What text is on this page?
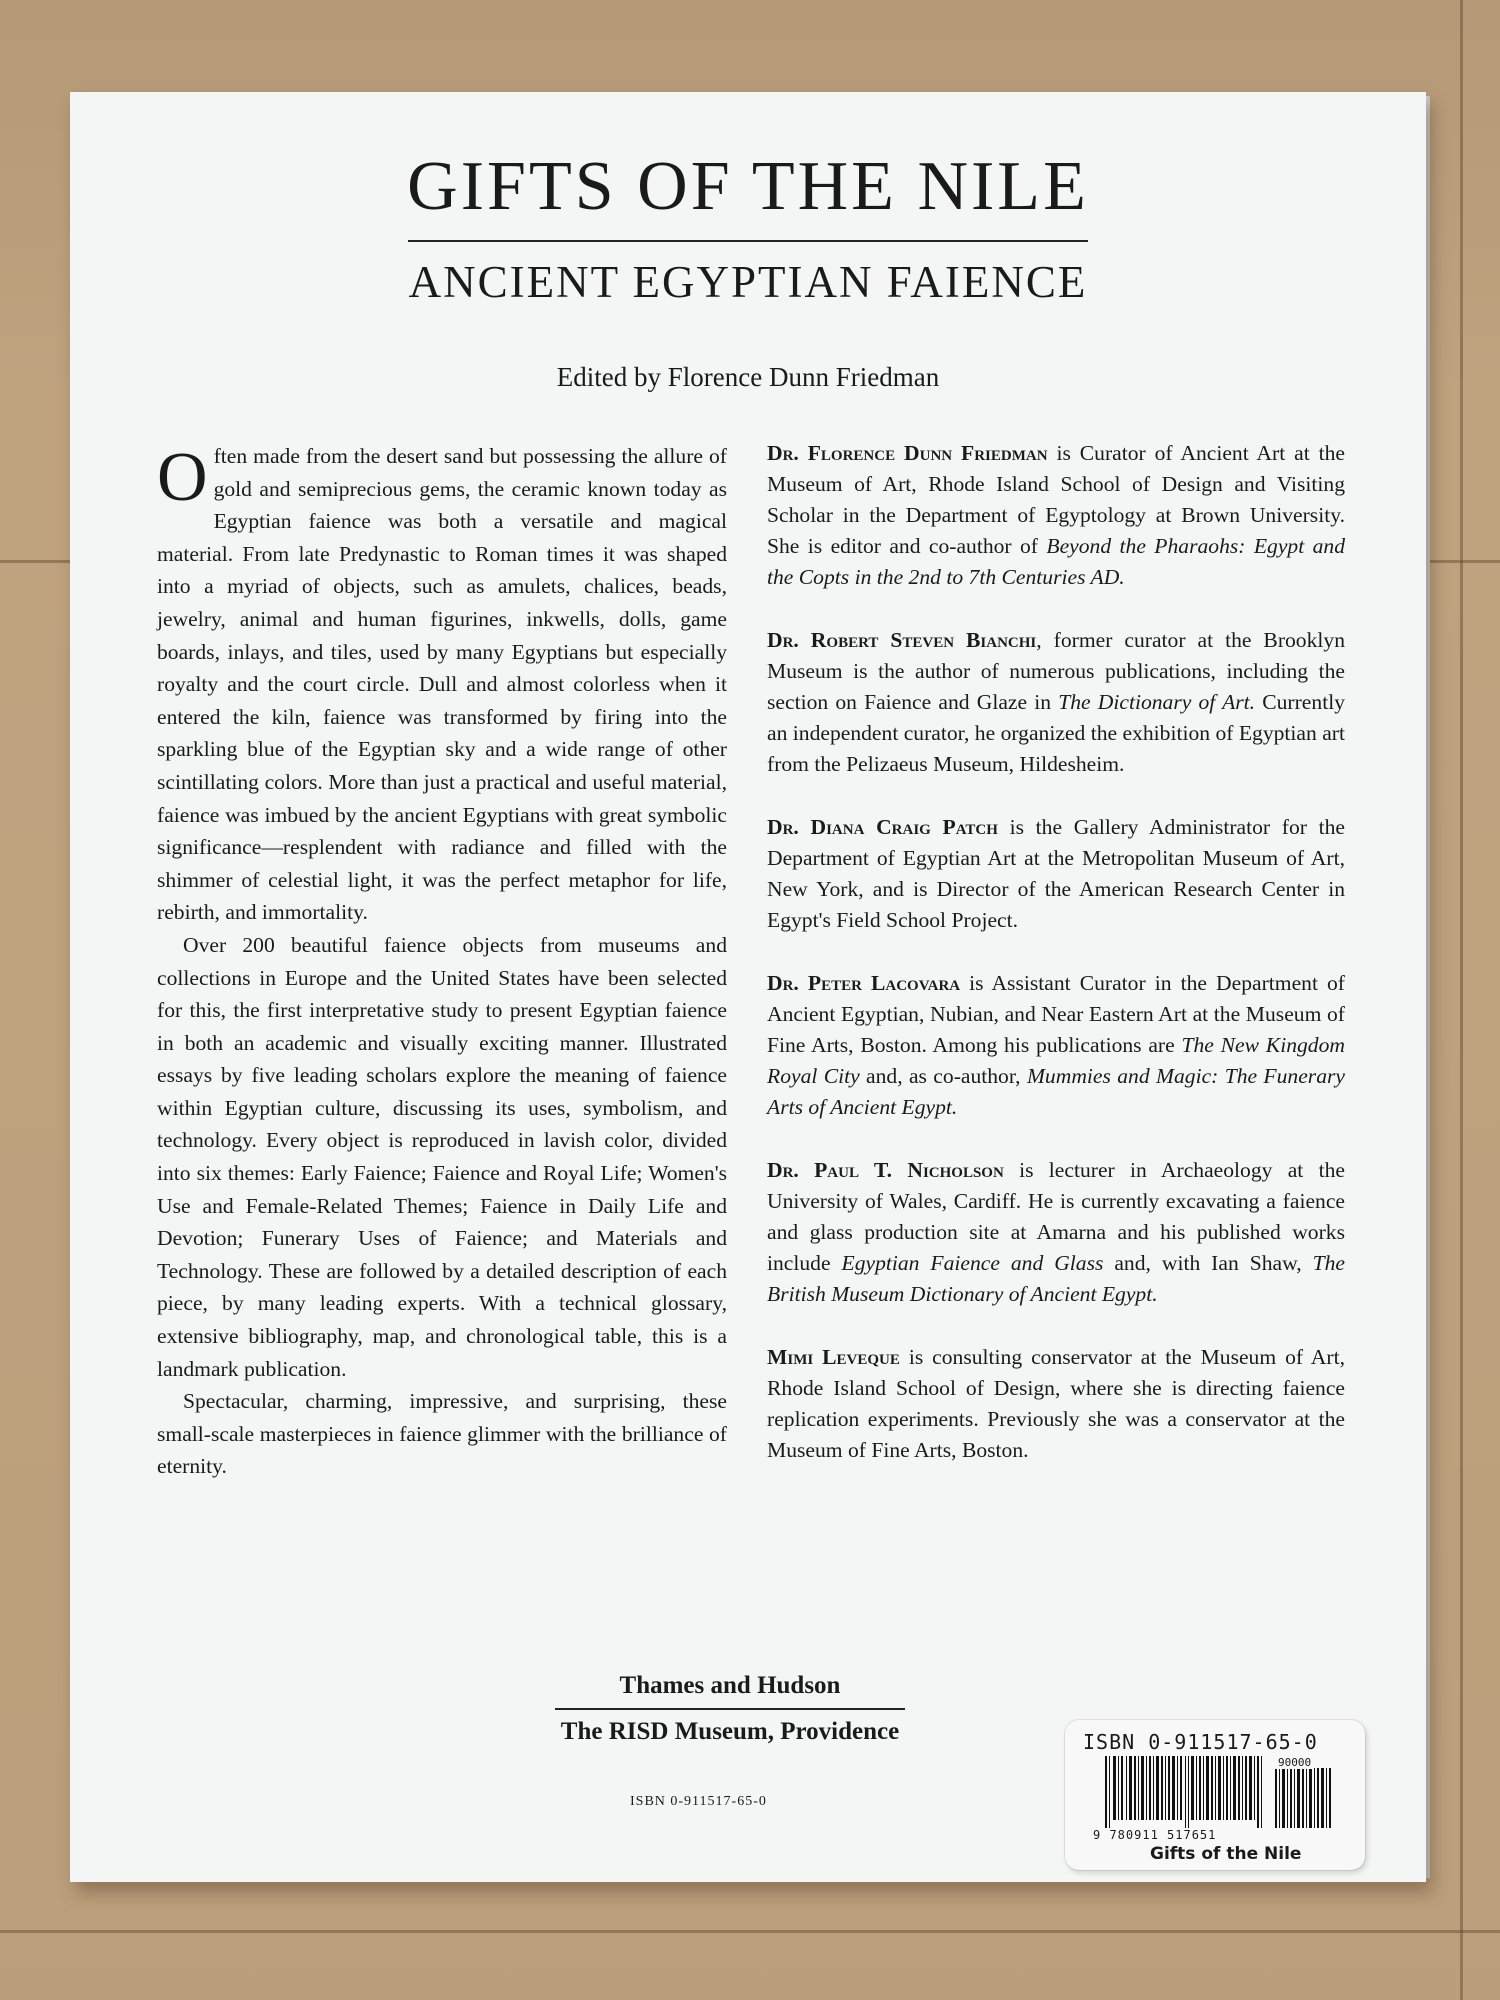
GIFTS OF THE NILE
ANCIENT EGYPTIAN FAIENCE
Edited by Florence Dunn Friedman

Often made from the desert sand but possessing the allure of gold and semiprecious gems, the ceramic known today as Egyptian faience was both a versatile and magical material. From late Predynastic to Roman times it was shaped into a myriad of objects, such as amulets, chalices, beads, jewelry, animal and human figurines, inkwells, dolls, game boards, inlays, and tiles, used by many Egyptians but especially royalty and the court circle. Dull and almost colorless when it entered the kiln, faience was transformed by firing into the sparkling blue of the Egyptian sky and a wide range of other scintillating colors. More than just a practical and useful material, faience was imbued by the ancient Egyptians with great symbolic significance—resplendent with radiance and filled with the shimmer of celestial light, it was the perfect metaphor for life, rebirth, and immortality.

Over 200 beautiful faience objects from museums and collections in Europe and the United States have been selected for this, the first interpretative study to present Egyptian faience in both an academic and visually exciting manner. Illustrated essays by five leading scholars explore the meaning of faience within Egyptian culture, discussing its uses, symbolism, and technology. Every object is reproduced in lavish color, divided into six themes: Early Faience; Faience and Royal Life; Women's Use and Female-Related Themes; Faience in Daily Life and Devotion; Funerary Uses of Faience; and Materials and Technology. These are followed by a detailed description of each piece, by many leading experts. With a technical glossary, extensive bibliography, map, and chronological table, this is a landmark publication.

Spectacular, charming, impressive, and surprising, these small-scale masterpieces in faience glimmer with the brilliance of eternity.

Dr. Florence Dunn Friedman is Curator of Ancient Art at the Museum of Art, Rhode Island School of Design and Visiting Scholar in the Department of Egyptology at Brown University. She is editor and co-author of Beyond the Pharaohs: Egypt and the Copts in the 2nd to 7th Centuries AD.

Dr. Robert Steven Bianchi, former curator at the Brooklyn Museum is the author of numerous publications, including the section on Faience and Glaze in The Dictionary of Art. Currently an independent curator, he organized the exhibition of Egyptian art from the Pelizaeus Museum, Hildesheim.

Dr. Diana Craig Patch is the Gallery Administrator for the Department of Egyptian Art at the Metropolitan Museum of Art, New York, and is Director of the American Research Center in Egypt's Field School Project.

Dr. Peter Lacovara is Assistant Curator in the Department of Ancient Egyptian, Nubian, and Near Eastern Art at the Museum of Fine Arts, Boston. Among his publications are The New Kingdom Royal City and, as co-author, Mummies and Magic: The Funerary Arts of Ancient Egypt.

Dr. Paul T. Nicholson is lecturer in Archaeology at the University of Wales, Cardiff. He is currently excavating a faience and glass production site at Amarna and his published works include Egyptian Faience and Glass and, with Ian Shaw, The British Museum Dictionary of Ancient Egypt.

Mimi Leveque is consulting conservator at the Museum of Art, Rhode Island School of Design, where she is directing faience replication experiments. Previously she was a conservator at the Museum of Fine Arts, Boston.

Thames and Hudson
The RISD Museum, Providence
ISBN 0-911517-65-0
ISBN 0-911517-65-0
90000
9 780911 517651
Gifts of the Nile
